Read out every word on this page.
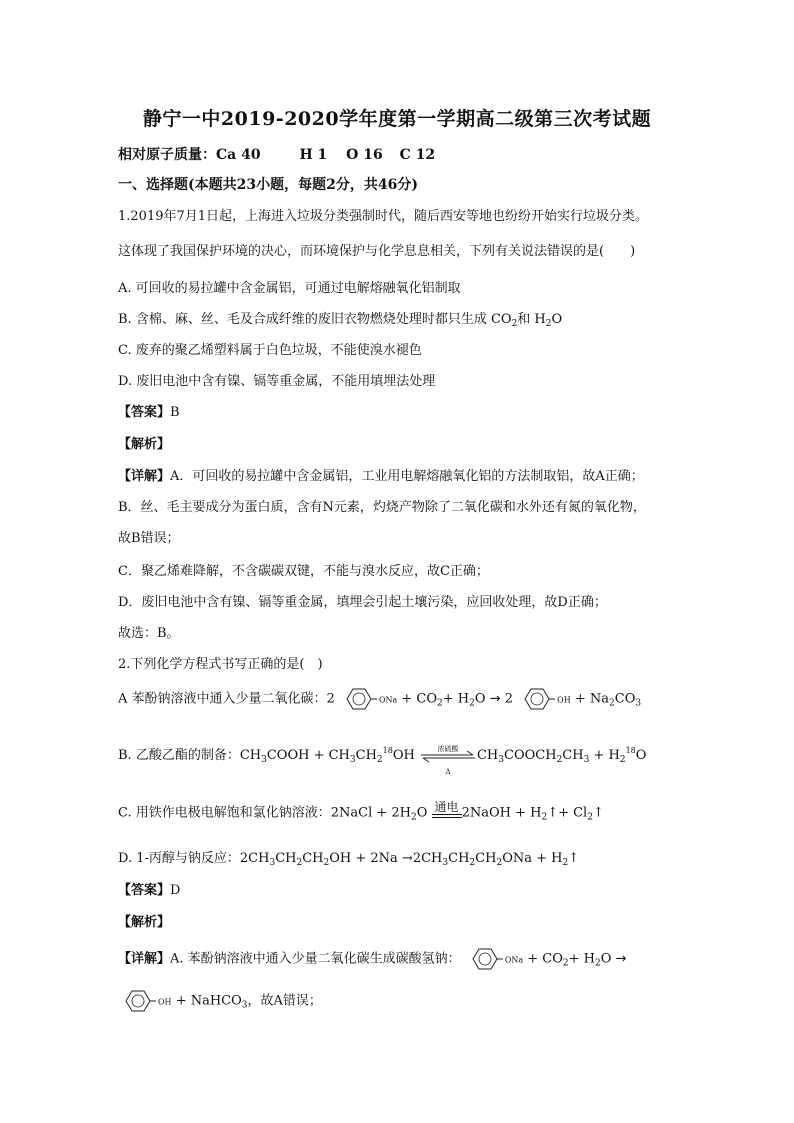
静宁一中2019-2020学年度第一学期高二级第三次考试题
相对原子质量：Ca 40	H 1 O 16 C 12
一、选择题(本题共23小题，每题2分，共46分)
1.2019年7月1日起，上海进入垃圾分类强制时代，随后西安等地也纷纷开始实行垃圾分类。
这体现了我国保护环境的决心，而环境保护与化学息息相关，下列有关说法错误的是(　　)
A. 可回收的易拉罐中含金属铝，可通过电解熔融氧化铝制取
B. 含棉、麻、丝、毛及合成纤维的废旧衣物燃烧处理时都只生成 $CO_2$和 $H_2O$
C. 废弃的聚乙烯塑料属于白色垃圾，不能使溴水褪色
D. 废旧电池中含有镍、镉等重金属，不能用填埋法处理
【答案】B
【解析】
【详解】A．可回收的易拉罐中含金属铝，工业用电解熔融氧化铝的方法制取铝，故A正确；
B．丝、毛主要成分为蛋白质，含有N元素，灼烧产物除了二氧化碳和水外还有氮的氧化物，
故B错误；
C．聚乙烯难降解，不含碳碳双键，不能与溴水反应，故C正确；
D．废旧电池中含有镍、镉等重金属，填埋会引起土壤污染，应回收处理，故D正确；
故选：B。
2.下列化学方程式书写正确的是(　)
A 苯酚钠溶液中通入少量二氧化碳：2	ONa + $CO_2+ H_2O \to 2$	OH + $Na_2CO_3$
B. 乙酸乙酯的制备：$CH_3COOH + CH_3CH_2^{18}OH$	浓硫酸
Δ
$CH_3COOCH_2CH_3 + H_2^{18}O$
C. 用铁作电极电解饱和氯化钠溶液：2NaCl + $2H_2O$ 通电 2NaOH + $H_2↑+$ $Cl_2↑$
D. 1-丙醇与钠反应：$2CH_3CH_2CH_2OH + 2Na \to 2CH_3CH_2CH_2ONa$ + $H_2↑$
【答案】D
【解析】
【详解】A. 苯酚钠溶液中通入少量二氧化碳生成碳酸氢钠：	ONa + $CO_2+ H_2O$ →
OH + NaHCO$_3$，故A错误；
